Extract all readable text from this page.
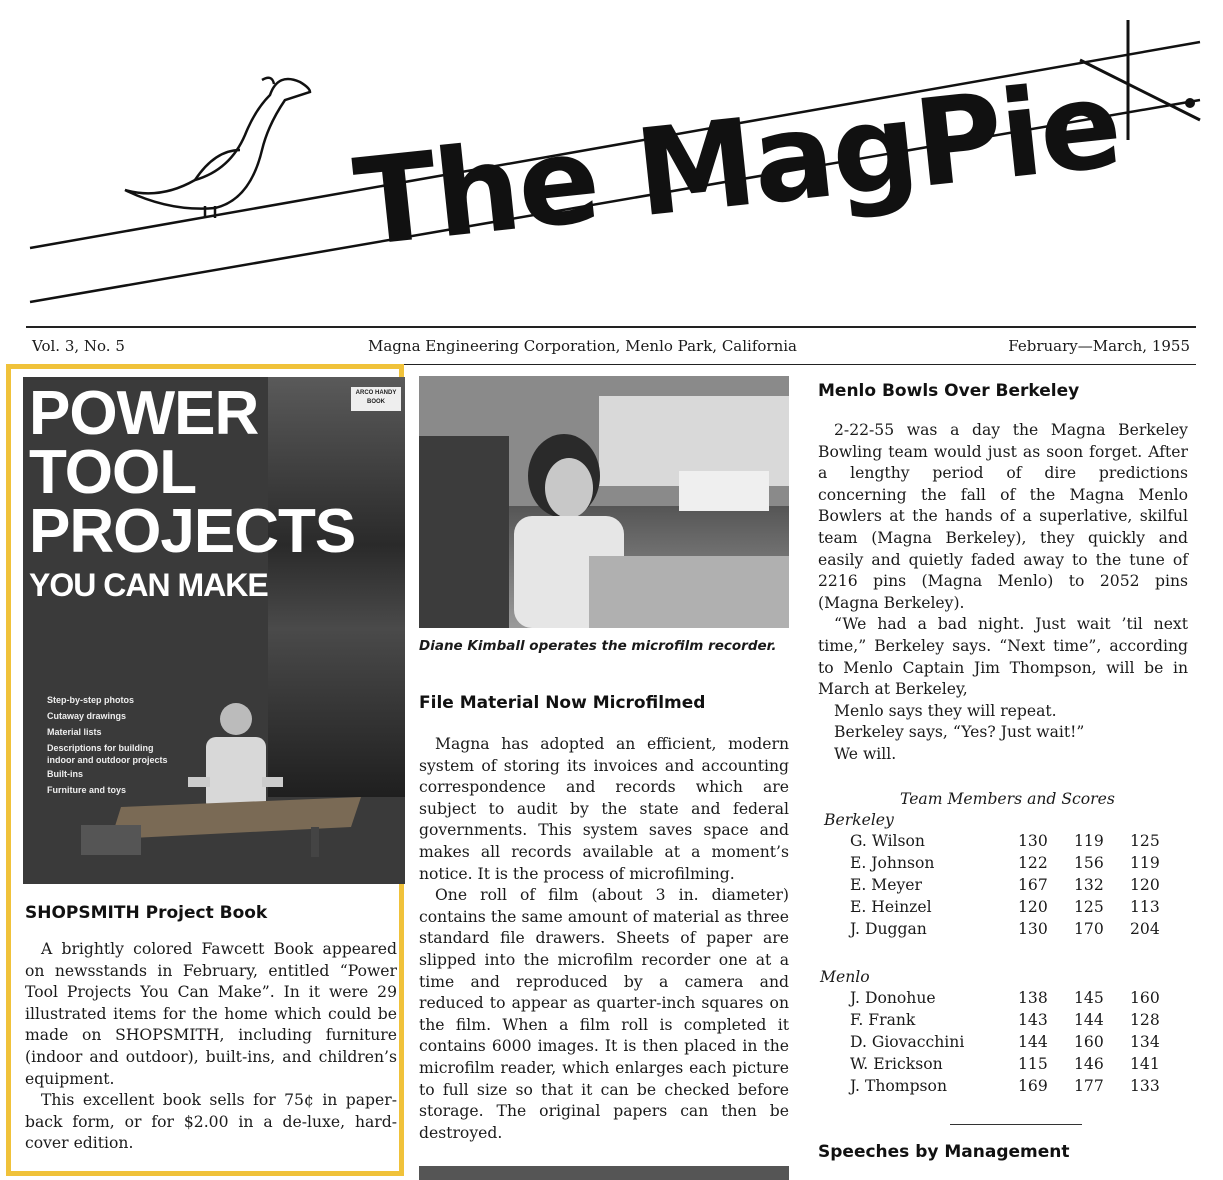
The MagPie
Vol. 3, No. 5	Magna Engineering Corporation, Menlo Park, California	February—March, 1955
ARCO HANDY BOOK
POWER
TOOL
PROJECTS
YOU CAN MAKE
Step-by-step photos
Cutaway drawings
Material lists
Descriptions for building
indoor and outdoor projects
Built-ins
Furniture and toys
SHOPSMITH Project Book

A brightly colored Fawcett Book appeared on newsstands in February, entitled “Power Tool Projects You Can Make”. In it were 29 illustrated items for the home which could be made on SHOPSMITH, including furniture (indoor and outdoor), built-ins, and children’s equipment.

This excellent book sells for 75¢ in paper-back form, or for $2.00 in a de-luxe, hard-cover edition.

Diane Kimball operates the microfilm recorder.
File Material Now Microfilmed

Magna has adopted an efficient, modern system of storing its invoices and accounting correspondence and records which are subject to audit by the state and federal governments. This system saves space and makes all records available at a moment’s notice. It is the process of microfilming.

One roll of film (about 3 in. diameter) contains the same amount of material as three standard file drawers. Sheets of paper are slipped into the microfilm recorder one at a time and reproduced by a camera and reduced to appear as quarter-inch squares on the film. When a film roll is completed it contains 6000 images. It is then placed in the microfilm reader, which enlarges each picture to full size so that it can be checked before storage. The original papers can then be destroyed.

Menlo Bowls Over Berkeley

2-22-55 was a day the Magna Berkeley Bowling team would just as soon forget. After a lengthy period of dire predictions concerning the fall of the Magna Menlo Bowlers at the hands of a superlative, skilful team (Magna Berkeley), they quickly and easily and quietly faded away to the tune of 2216 pins (Magna Menlo) to 2052 pins (Magna Berkeley).

“We had a bad night. Just wait ’til next time,” Berkeley says. “Next time”, according to Menlo Captain Jim Thompson, will be in March at Berkeley,

Menlo says they will repeat.
Berkeley says, “Yes? Just wait!”
We will.
Team Members and Scores
Berkeley
G. Wilson	130 119 125
E. Johnson	122 156 119
E. Meyer	167 132 120
E. Heinzel	120 125 113
J. Duggan	130 170 204
Menlo
J. Donohue	138 145 160
F. Frank	143 144 128
D. Giovacchini	144 160 134
W. Erickson	115 146 141
J. Thompson	169 177 133
Speeches by Management
